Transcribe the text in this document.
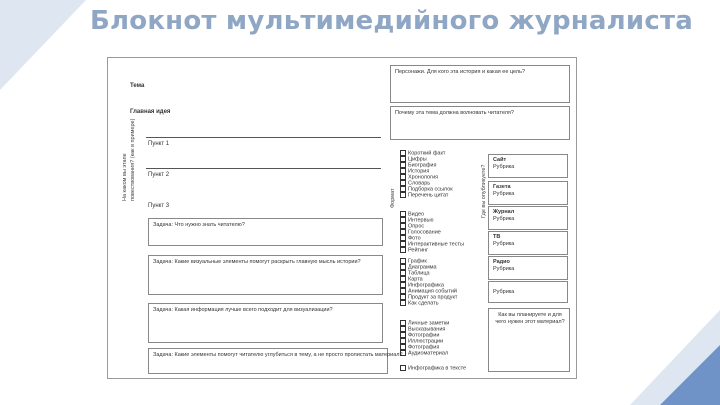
Блокнот мультимедийного журналиста
Тема
Главная идея
На каком вы этапе повествования? (как в примере) Пункт 1
Пункт 2
Пункт 3
Задача: Что нужно знать читателю?
Задача: Какие визуальные элементы помогут раскрыть главную мысль истории?
Задача: Какая информация лучше всего подходит для визуализации?
Задача: Какие элементы помогут читателю углубиться в тему, а не просто пролистать материал?
Персонажи. Для кого эта история и какая ее цель?
Почему эта тема должна волновать читателя?
Формат
Короткий факт
Цифры
Биография
История
Хронология
Словарь
Подборка ссылок
Перечень цитат
Видео
Интервью
Опрос
Голосование
Фото
Интерактивные тесты
Рейтинг
График
Диаграмма
Таблица
Карта
Инфографика
Анимация событий
Продукт за продукт
Как сделать
Личные заметки
Высказывания
Фотографии
Иллюстрации
Фотография
Аудиоматериал
Инфографика в тексте
Где вы опубликуете?
Сайт
Рубрика
Газета
Рубрика
Журнал
Рубрика
ТВ
Рубрика
Радио
Рубрика
Рубрика
Как вы планируете и для чего нужен этот материал?
